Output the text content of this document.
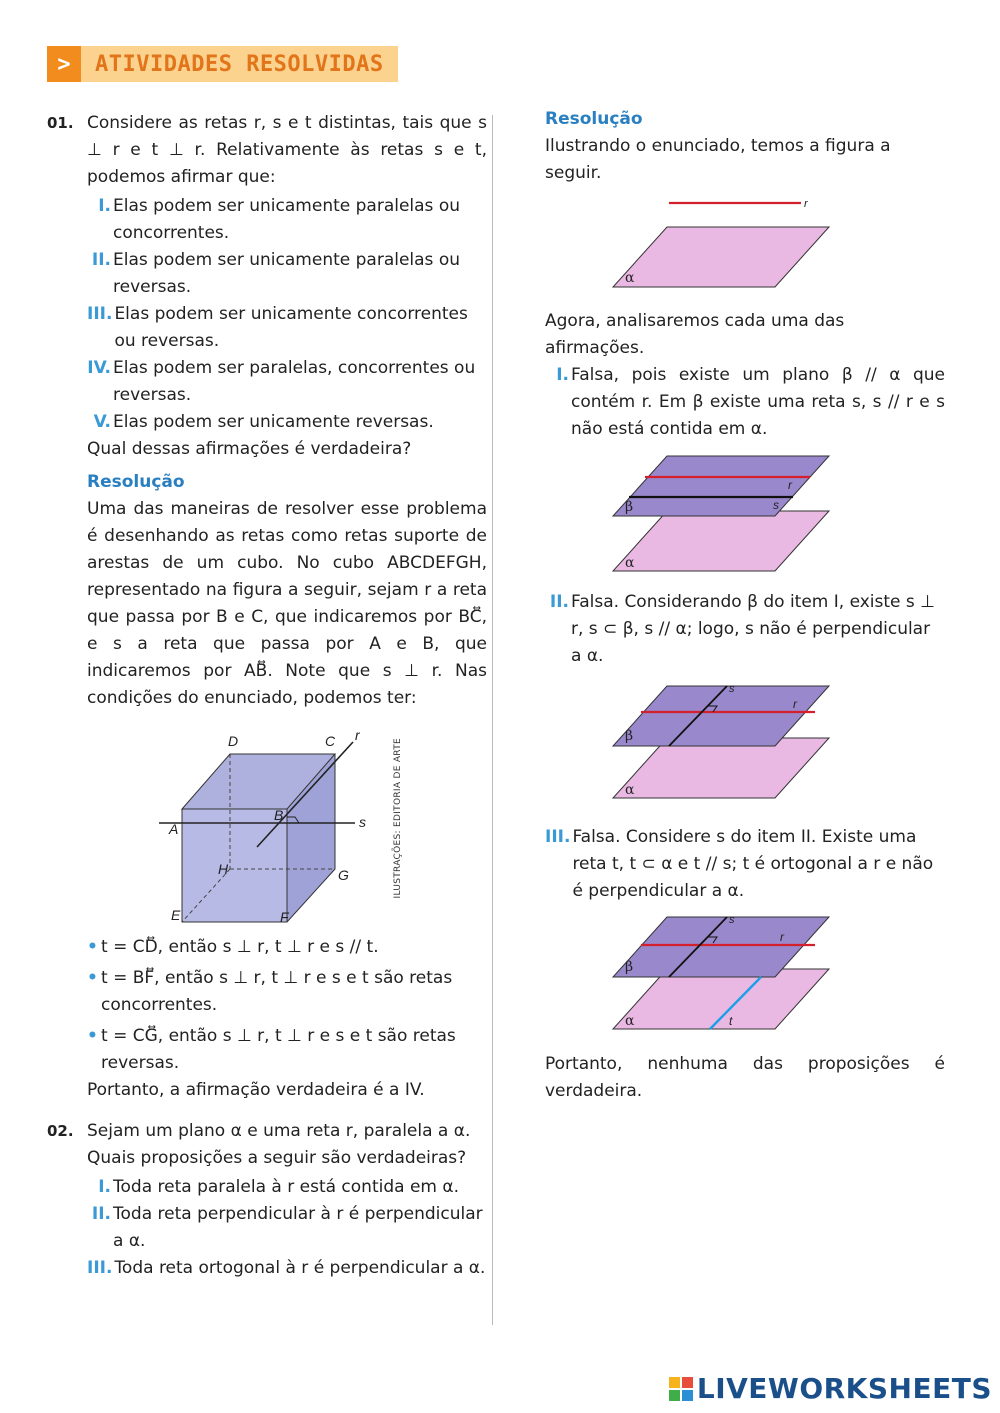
>	ATIVIDADES RESOLVIDAS
01. Considere as retas r, s e t distintas, tais que s ⊥ r e t ⊥ r. Relativamente às retas s e t, podemos afirmar que:
I. Elas podem ser unicamente paralelas ou concorrentes.
II. Elas podem ser unicamente paralelas ou reversas.
III. Elas podem ser unicamente concorrentes ou reversas.
IV. Elas podem ser paralelas, concorrentes ou reversas.
V. Elas podem ser unicamente reversas.
Qual dessas afirmações é verdadeira?
Resolução
Uma das maneiras de resolver esse problema é desenhando as retas como retas suporte de arestas de um cubo. No cubo ABCDEFGH, representado na figura a seguir, sejam r a reta que passa por B e C, que indicaremos por BC⃡, e s a reta que passa por A e B, que indicaremos por AB⃡. Note que s ⊥ r. Nas condições do enunciado, podemos ter:
D	C r
A
B	s
H	G
E	F
ILUSTRAÇÕES: EDITORIA DE ARTE
• t = CD⃡, então s ⊥ r, t ⊥ r e s // t.
• t = BF⃡, então s ⊥ r, t ⊥ r e s e t são retas concorrentes.
• t = CG⃡, então s ⊥ r, t ⊥ r e s e t são retas reversas.
Portanto, a afirmação verdadeira é a IV.
02. Sejam um plano α e uma reta r, paralela a α. Quais proposições a seguir são verdadeiras?
I. Toda reta paralela à r está contida em α.
II. Toda reta perpendicular à r é perpendicular a α.
III. Toda reta ortogonal à r é perpendicular a α.
Resolução
Ilustrando o enunciado, temos a figura a seguir.
r
α
Agora, analisaremos cada uma das afirmações.
I. Falsa, pois existe um plano β // α que contém r. Em β existe uma reta s, s // r e s não está contida em α.
α
r
s
β
II. Falsa. Considerando β do item I, existe s ⊥ r, s ⊂ β, s // α; logo, s não é perpendicular a α.
α
s
r
β
III. Falsa. Considere s do item II. Existe uma reta t, t ⊂ α e t // s; t é ortogonal a r e não é perpendicular a α.
α
s
r
t
β
Portanto, nenhuma das proposições é verdadeira.
LIVEWORKSHEETS
